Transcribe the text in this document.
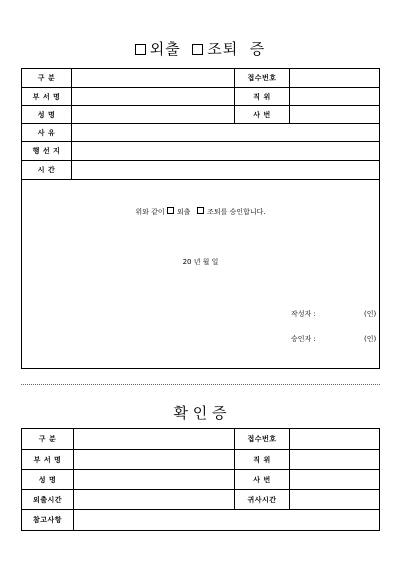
외출 조퇴 증
구 분	접수번호
부 서 명	직 위
성 명	사 번
사 유
행 선 지
시 간
위와 같이 외출 조퇴를 승인합니다.
20 년 월 일
작성자 :	(인)
승인자 :	(인)
확 인 증
구 분	접수번호
부 서 명	직 위
성 명	사 번
외출시간	귀사시간
참고사항
